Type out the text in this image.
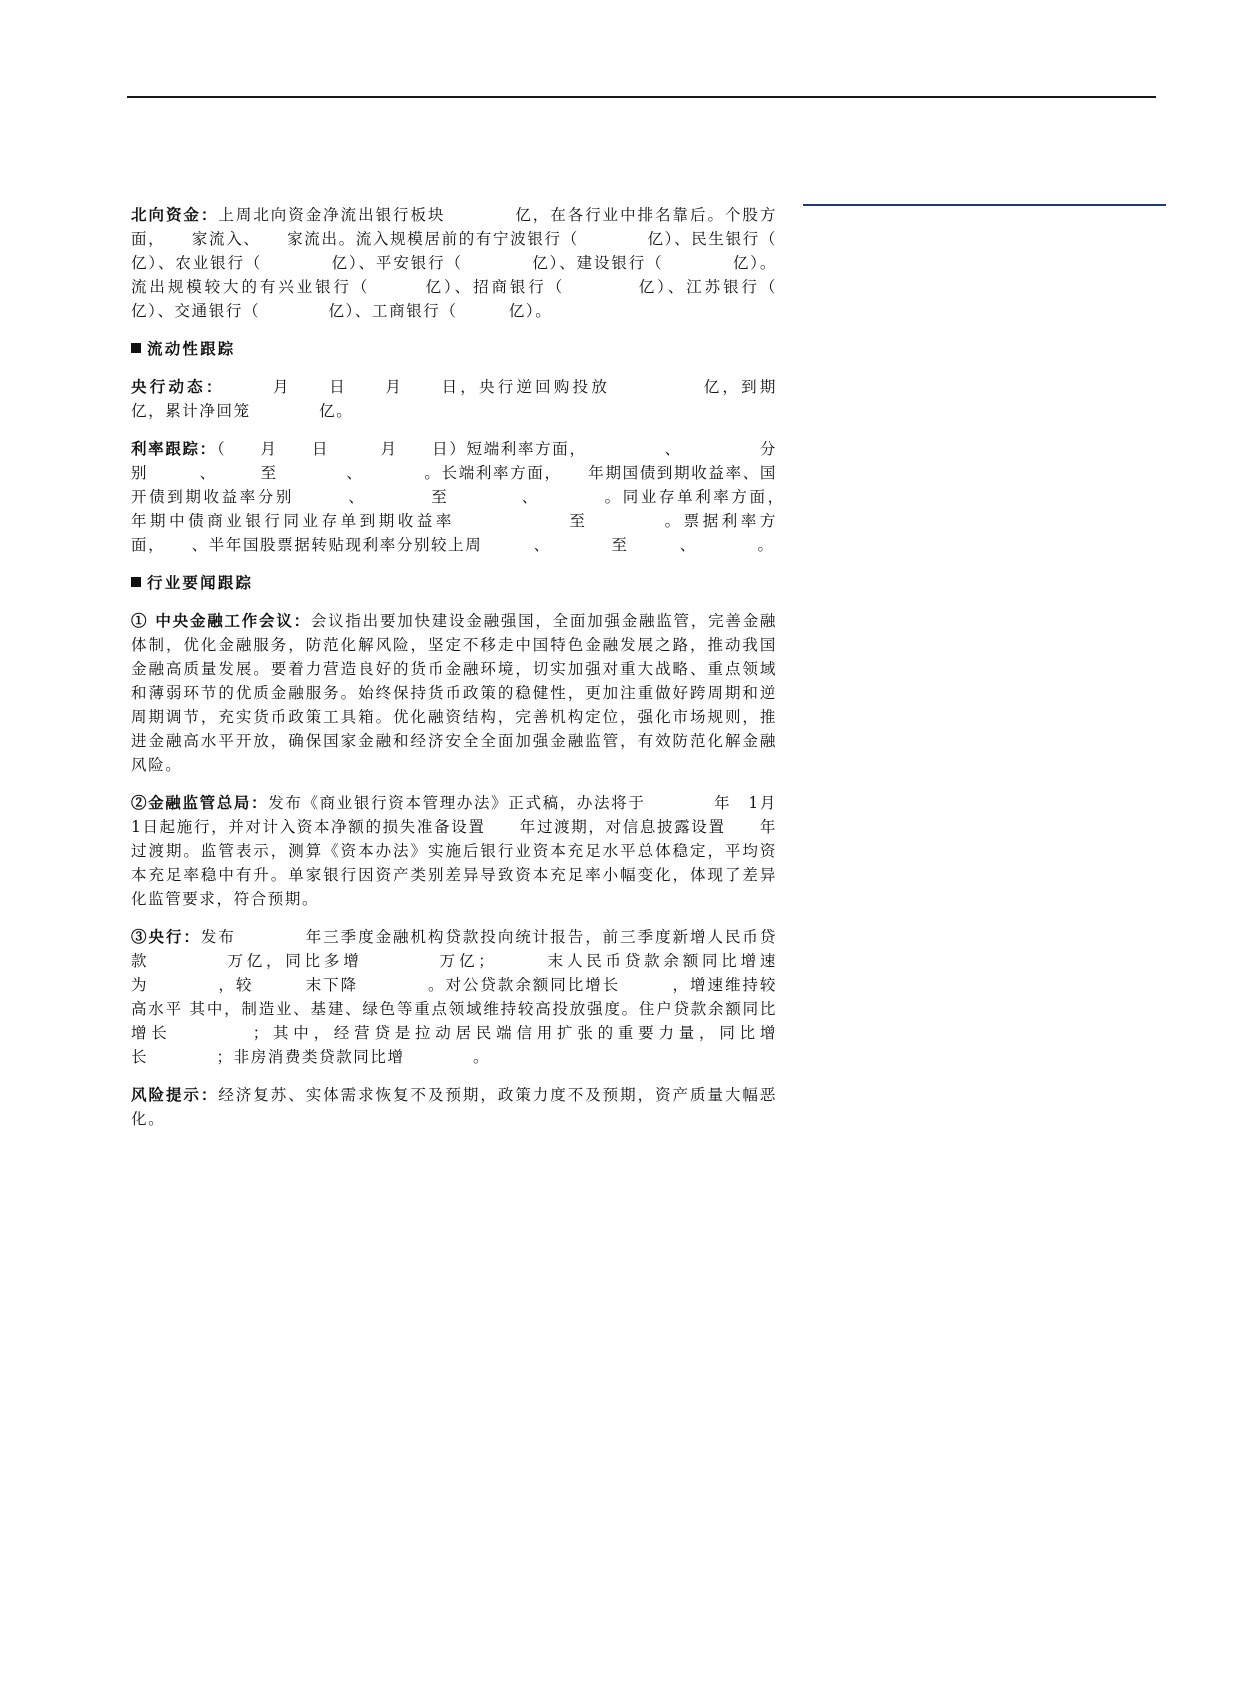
北向资金：上周北向资金净流出银行板块　　　　亿，在各行业中排名靠后。个股方面，　　家流入、　　家流出。流入规模居前的有宁波银行（　　　　亿）、民生银行（　　　　亿）、农业银行（　　　　亿）、平安银行（　　　　亿）、建设银行（　　　　亿）。流出规模较大的有兴业银行（　　　亿）、招商银行（　　　　亿）、江苏银行（　　　　亿）、交通银行（　　　　亿）、工商银行（　　　亿）。

流动性跟踪

央行动态：　　　月　　日　　月　　日，央行逆回购投放　　　　　亿，到期　　　　　亿，累计净回笼　　　　亿。

利率跟踪：（　　月　　日　　　月　　日）短端利率方面，　　　　　、　　　　　分别　　　、　　　至　　　　、　　　　。长端利率方面，　　年期国债到期收益率、国开债到期收益率分别　　　、　　　　至　　　　、　　　　。同业存单利率方面，　　年期中债商业银行同业存单到期收益率　　　　　　至　　　　。票据利率方面，　　、半年国股票据转贴现利率分别较上周　　　、　　　　至　　　、　　　　。

行业要闻跟踪

① 中央金融工作会议：会议指出要加快建设金融强国，全面加强金融监管，完善金融体制，优化金融服务，防范化解风险，坚定不移走中国特色金融发展之路，推动我国金融高质量发展。要着力营造良好的货币金融环境，切实加强对重大战略、重点领域和薄弱环节的优质金融服务。始终保持货币政策的稳健性，更加注重做好跨周期和逆周期调节，充实货币政策工具箱。优化融资结构，完善机构定位，强化市场规则，推进金融高水平开放，确保国家金融和经济安全全面加强金融监管，有效防范化解金融风险。

②金融监管总局：发布《商业银行资本管理办法》正式稿，办法将于　　　　年　1月1日起施行，并对计入资本净额的损失准备设置　　年过渡期，对信息披露设置　　年过渡期。监管表示，测算《资本办法》实施后银行业资本充足水平总体稳定，平均资本充足率稳中有升。单家银行因资产类别差异导致资本充足率小幅变化，体现了差异化监管要求，符合预期。

③央行：发布　　　　年三季度金融机构贷款投向统计报告，前三季度新增人民币贷款　　　　万亿，同比多增　　　　万亿；　　　末人民币贷款余额同比增速为　　　　，较　　　末下降　　　　。对公贷款余额同比增长　　　，增速维持较高水平 其中，制造业、基建、绿色等重点领域维持较高投放强度。住户贷款余额同比增长　　　　；其中，经营贷是拉动居民端信用扩张的重要力量，同比增长　　　　；非房消费类贷款同比增　　　　。

风险提示：经济复苏、实体需求恢复不及预期，政策力度不及预期，资产质量大幅恶化。
